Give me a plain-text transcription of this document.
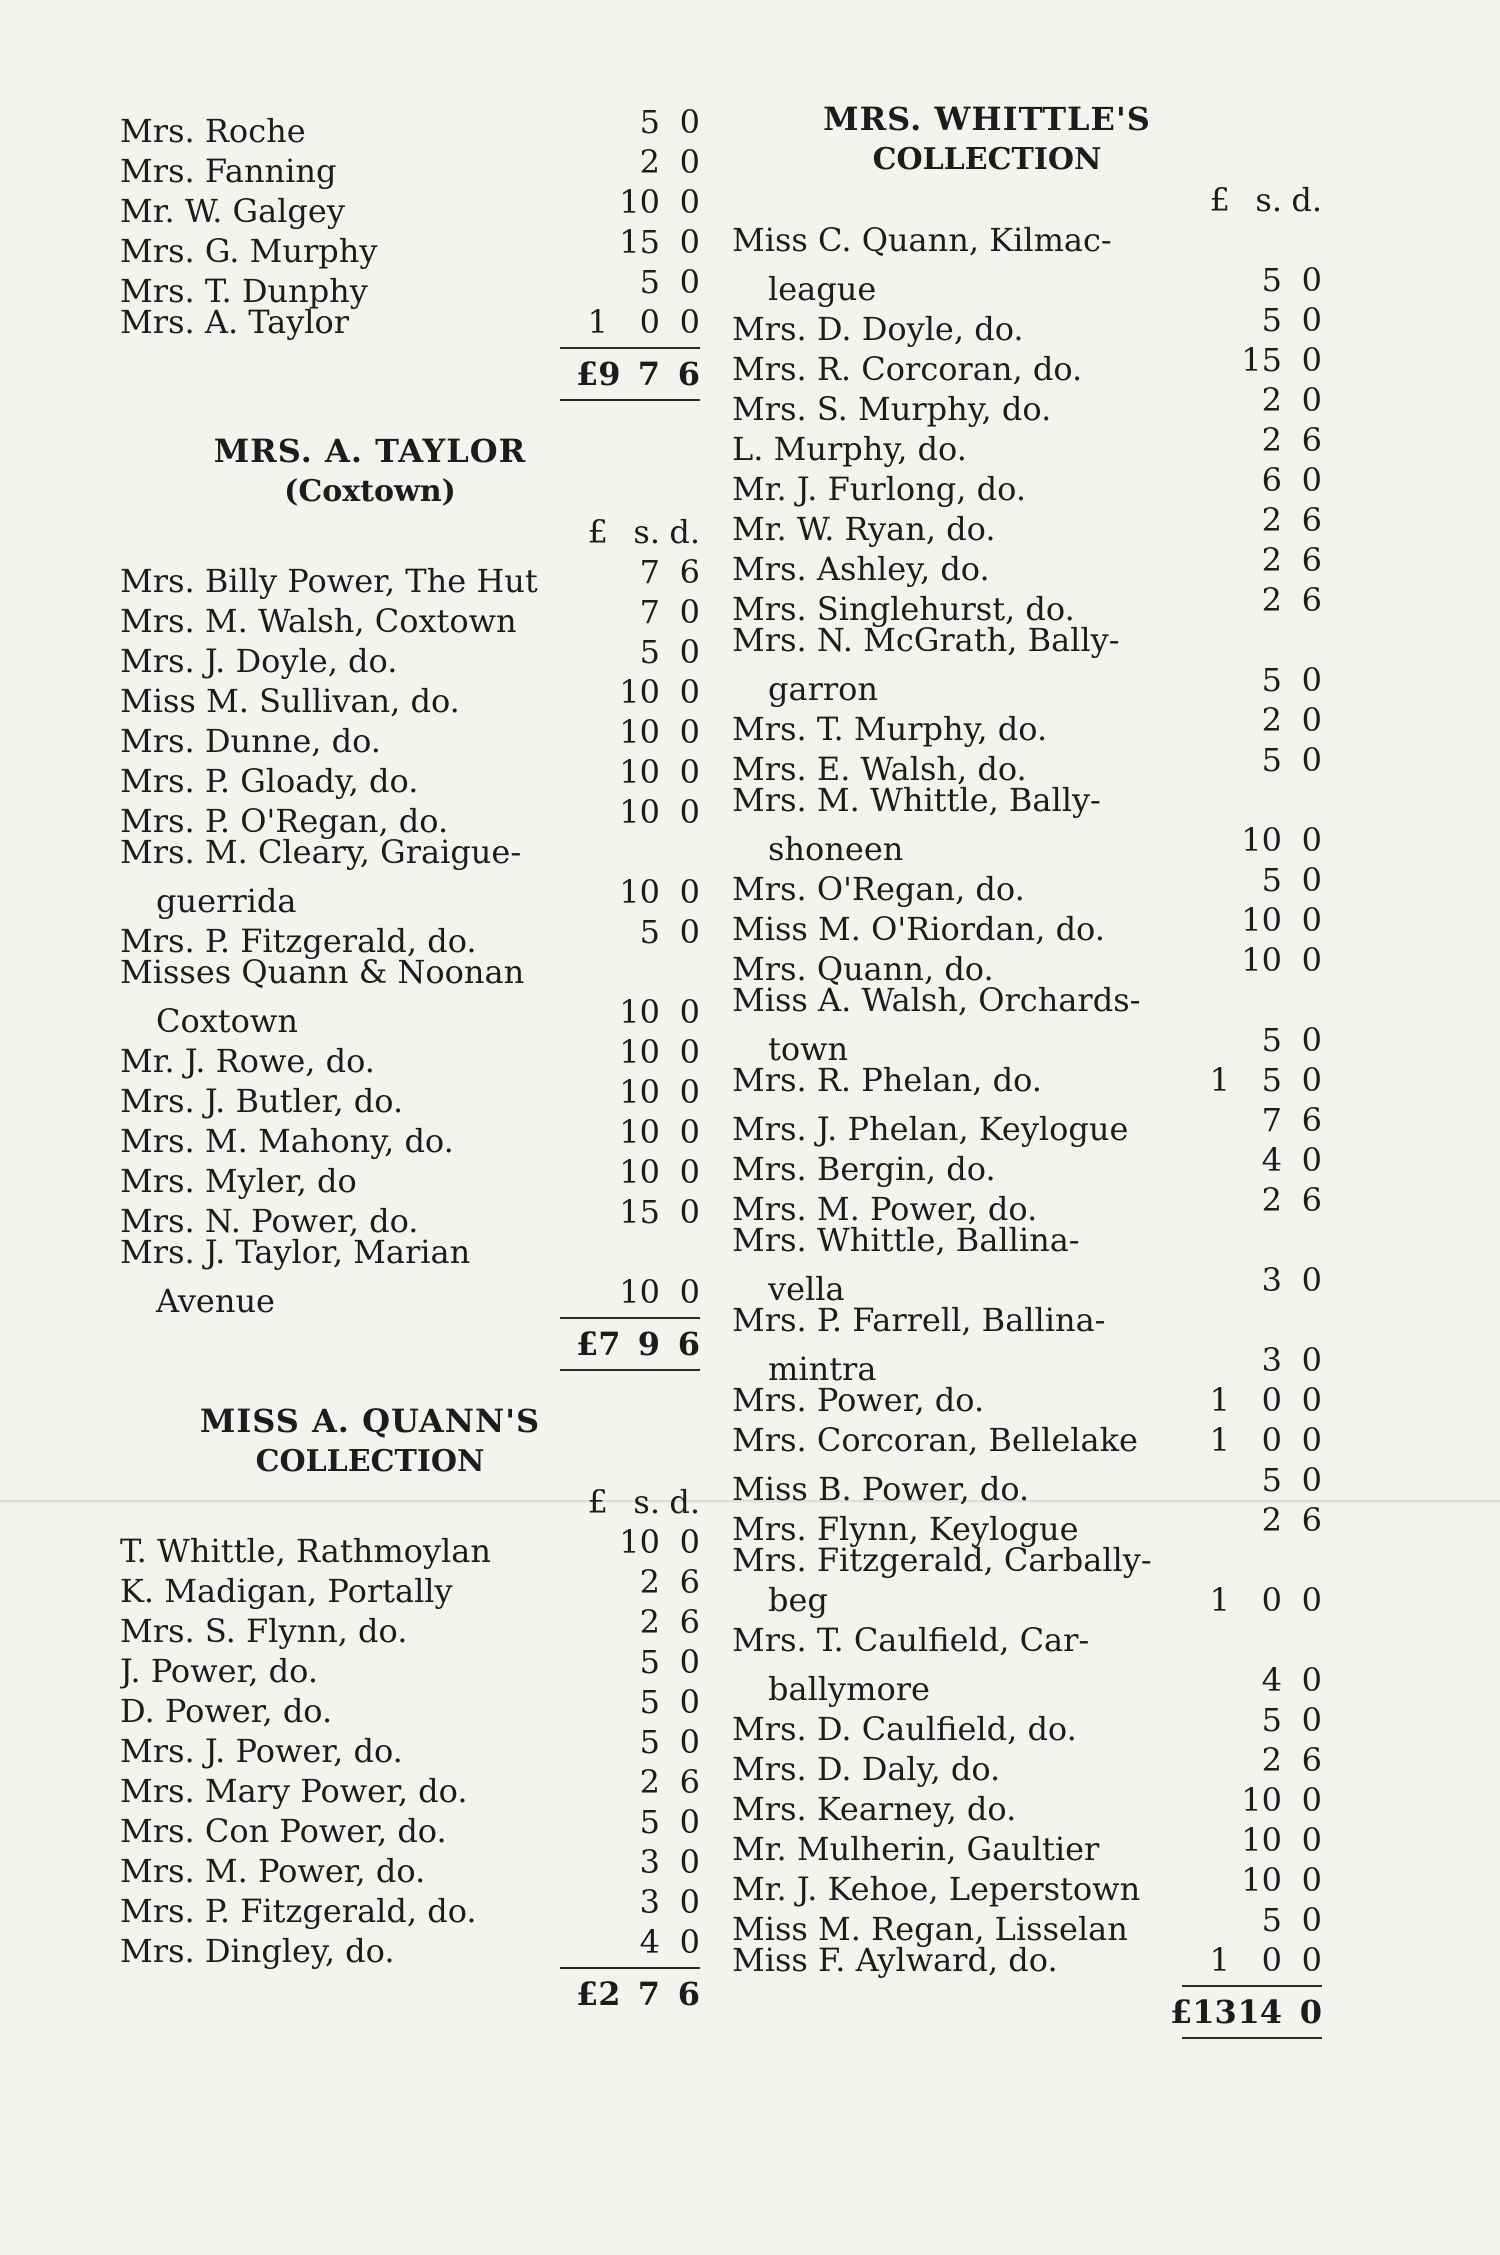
Mrs. Roche	5 0
Mrs. Fanning	2 0
Mr. W. Galgey	10 0
Mrs. G. Murphy	15 0
Mrs. T. Dunphy	5 0
Mrs. A. Taylor	1 0 0
£9 7 6
MRS. A. TAYLOR
(Coxtown)
£ s. d.
Mrs. Billy Power, The Hut	7 6
Mrs. M. Walsh, Coxtown	7 0
Mrs. J. Doyle, do.	5 0
Miss M. Sullivan, do.	10 0
Mrs. Dunne, do.	10 0
Mrs. P. Gloady, do.	10 0
Mrs. P. O'Regan, do.	10 0
Mrs. M. Cleary, Graigue-
guerrida	10 0
Mrs. P. Fitzgerald, do.	5 0
Misses Quann & Noonan
Coxtown	10 0
Mr. J. Rowe, do.	10 0
Mrs. J. Butler, do.	10 0
Mrs. M. Mahony, do.	10 0
Mrs. Myler, do	10 0
Mrs. N. Power, do.	15 0
Mrs. J. Taylor, Marian
Avenue	10 0
£7 9 6
MISS A. QUANN'S
COLLECTION
£ s. d.
T. Whittle, Rathmoylan	10 0
K. Madigan, Portally	2 6
Mrs. S. Flynn, do.	2 6
J. Power, do.	5 0
D. Power, do.	5 0
Mrs. J. Power, do.	5 0
Mrs. Mary Power, do.	2 6
Mrs. Con Power, do.	5 0
Mrs. M. Power, do.	3 0
Mrs. P. Fitzgerald, do.	3 0
Mrs. Dingley, do.	4 0
£2 7 6
MRS. WHITTLE'S
COLLECTION
£ s. d.
Miss C. Quann, Kilmac-
league	5 0
Mrs. D. Doyle, do.	5 0
Mrs. R. Corcoran, do.	15 0
Mrs. S. Murphy, do.	2 0
L. Murphy, do.	2 6
Mr. J. Furlong, do.	6 0
Mr. W. Ryan, do.	2 6
Mrs. Ashley, do.	2 6
Mrs. Singlehurst, do.	2 6
Mrs. N. McGrath, Bally-
garron	5 0
Mrs. T. Murphy, do.	2 0
Mrs. E. Walsh, do.	5 0
Mrs. M. Whittle, Bally-
shoneen	10 0
Mrs. O'Regan, do.	5 0
Miss M. O'Riordan, do.	10 0
Mrs. Quann, do.	10 0
Miss A. Walsh, Orchards-
town	5 0
Mrs. R. Phelan, do.	1 5 0
Mrs. J. Phelan, Keylogue	7 6
Mrs. Bergin, do.	4 0
Mrs. M. Power, do.	2 6
Mrs. Whittle, Ballina-
vella	3 0
Mrs. P. Farrell, Ballina-
mintra	3 0
Mrs. Power, do.	1 0 0
Mrs. Corcoran, Bellelake	1 0 0
Miss B. Power, do.	5 0
Mrs. Flynn, Keylogue	2 6
Mrs. Fitzgerald, Carbally-
beg	1 0 0
Mrs. T. Caulfield, Car-
ballymore	4 0
Mrs. D. Caulfield, do.	5 0
Mrs. D. Daly, do.	2 6
Mrs. Kearney, do.	10 0
Mr. Mulherin, Gaultier	10 0
Mr. J. Kehoe, Leperstown	10 0
Miss M. Regan, Lisselan	5 0
Miss F. Aylward, do.	1 0 0
£13 14 0
